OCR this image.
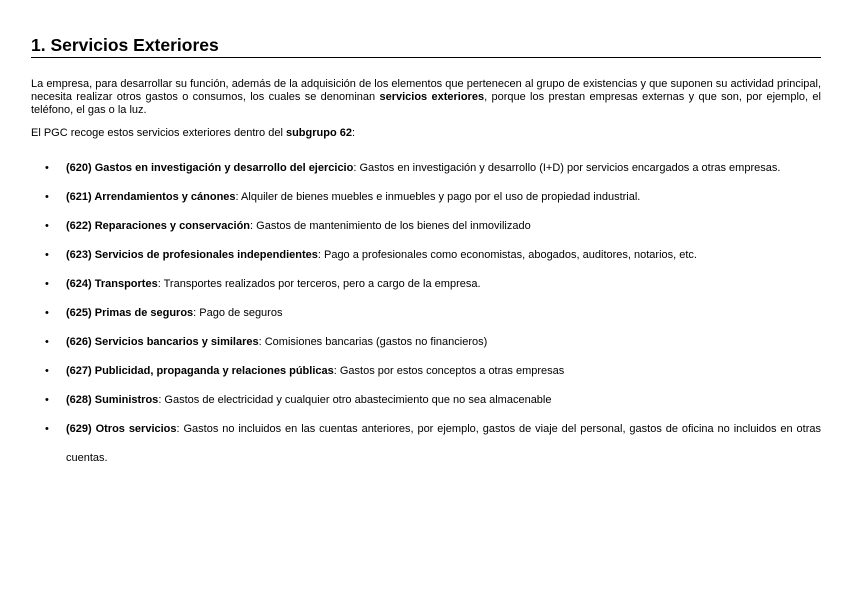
1. Servicios Exteriores

La empresa, para desarrollar su función, además de la adquisición de los elementos que pertenecen al grupo de existencias y que suponen su actividad principal, necesita realizar otros gastos o consumos, los cuales se denominan servicios exteriores, porque los prestan empresas externas y que son, por ejemplo, el teléfono, el gas o la luz.

El PGC recoge estos servicios exteriores dentro del subgrupo 62:

• (620) Gastos en investigación y desarrollo del ejercicio: Gastos en investigación y desarrollo (I+D) por servicios encargados a otras empresas.
• (621) Arrendamientos y cánones: Alquiler de bienes muebles e inmuebles y pago por el uso de propiedad industrial.
• (622) Reparaciones y conservación: Gastos de mantenimiento de los bienes del inmovilizado
• (623) Servicios de profesionales independientes: Pago a profesionales como economistas, abogados, auditores, notarios, etc.
• (624) Transportes: Transportes realizados por terceros, pero a cargo de la empresa.
• (625) Primas de seguros: Pago de seguros
• (626) Servicios bancarios y similares: Comisiones bancarias (gastos no financieros)
• (627) Publicidad, propaganda y relaciones públicas: Gastos por estos conceptos a otras empresas
• (628) Suministros: Gastos de electricidad y cualquier otro abastecimiento que no sea almacenable
• (629) Otros servicios: Gastos no incluidos en las cuentas anteriores, por ejemplo, gastos de viaje del personal, gastos de oficina no incluidos en otras cuentas.
